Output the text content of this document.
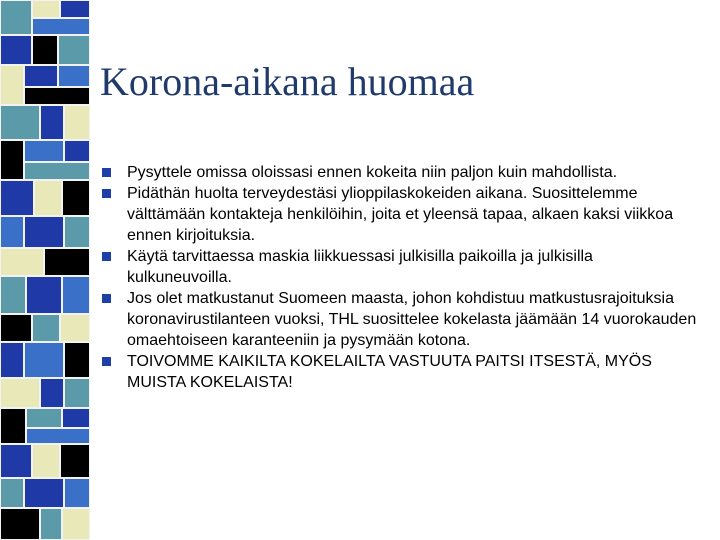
Korona-aikana huomaa
Pysyttele omissa oloissasi ennen kokeita niin paljon kuin mahdollista.
Pidäthän huolta terveydestäsi ylioppilaskokeiden aikana. Suosittelemme välttämään kontakteja henkilöihin, joita et yleensä tapaa, alkaen kaksi viikkoa ennen kirjoituksia.
Käytä tarvittaessa maskia liikkuessasi julkisilla paikoilla ja julkisilla kulkuneuvoilla.
Jos olet matkustanut Suomeen maasta, johon kohdistuu matkustusrajoituksia koronavirustilanteen vuoksi, THL suosittelee kokelasta jäämään 14 vuorokauden omaehtoiseen karanteeniin ja pysymään kotona.
TOIVOMME KAIKILTA KOKELAILTA VASTUUTA PAITSI ITSESTÄ, MYÖS MUISTA KOKELAISTA!
